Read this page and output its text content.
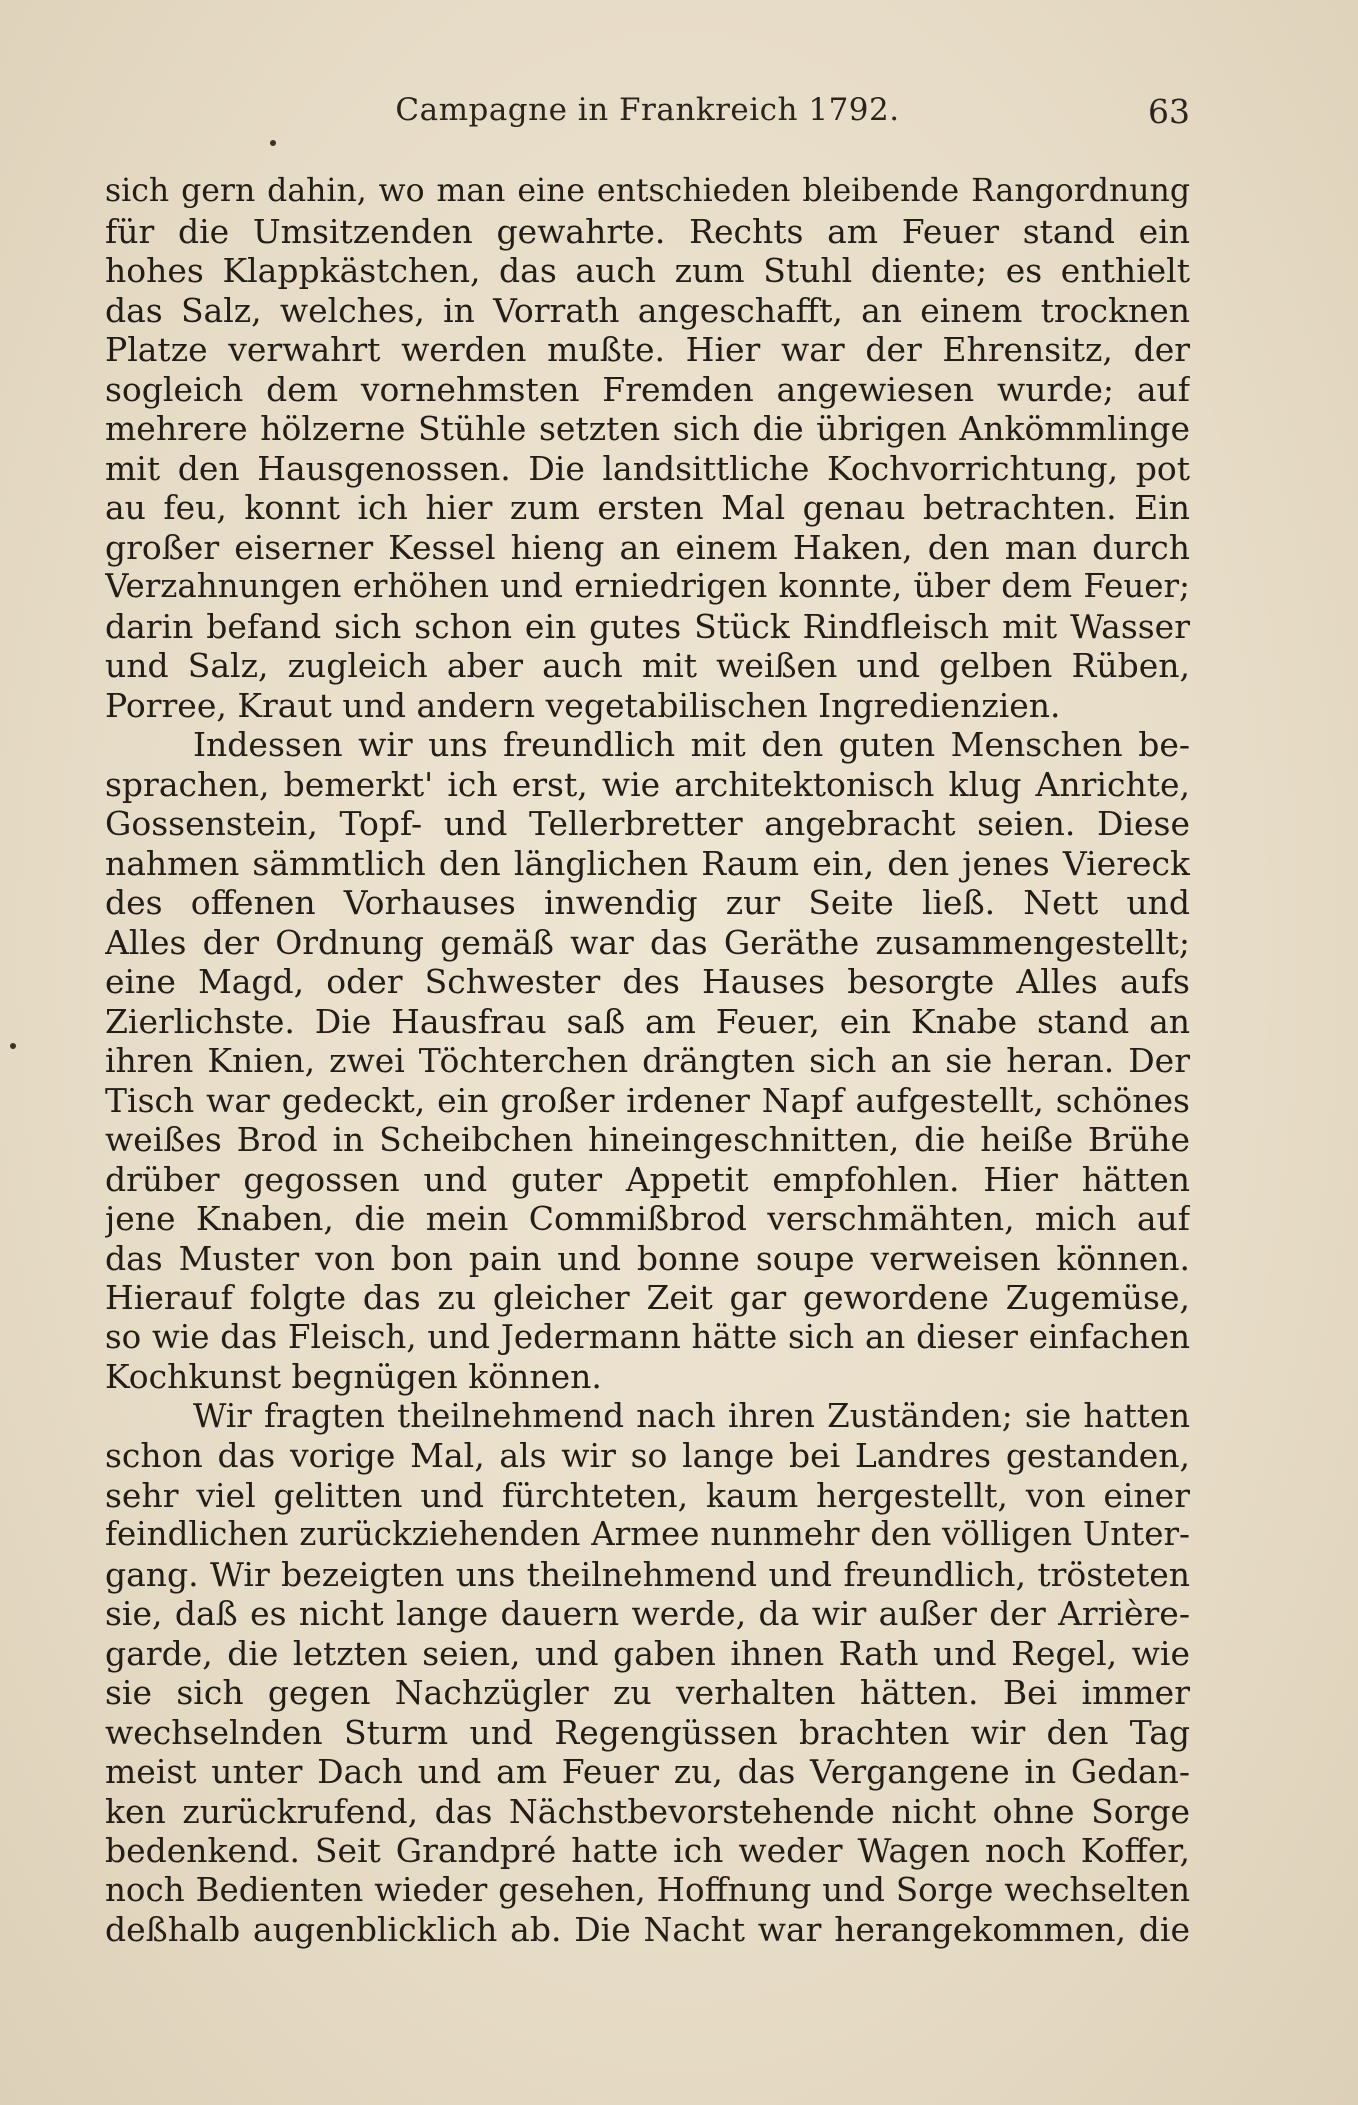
Campagne in Frankreich 1792.	63
sich gern dahin, wo man eine entschieden bleibende Rangordnung
für die Umsitzenden gewahrte. Rechts am Feuer stand ein
hohes Klappkästchen, das auch zum Stuhl diente; es enthielt
das Salz, welches, in Vorrath angeschafft, an einem trocknen
Platze verwahrt werden mußte. Hier war der Ehrensitz, der
sogleich dem vornehmsten Fremden angewiesen wurde; auf
mehrere hölzerne Stühle setzten sich die übrigen Ankömmlinge
mit den Hausgenossen. Die landsittliche Kochvorrichtung, pot
au feu, konnt ich hier zum ersten Mal genau betrachten. Ein
großer eiserner Kessel hieng an einem Haken, den man durch
Verzahnungen erhöhen und erniedrigen konnte, über dem Feuer;
darin befand sich schon ein gutes Stück Rindfleisch mit Wasser
und Salz, zugleich aber auch mit weißen und gelben Rüben,
Porree, Kraut und andern vegetabilischen Ingredienzien.
Indessen wir uns freundlich mit den guten Menschen be-
sprachen, bemerkt' ich erst, wie architektonisch klug Anrichte,
Gossenstein, Topf- und Tellerbretter angebracht seien. Diese
nahmen sämmtlich den länglichen Raum ein, den jenes Viereck
des offenen Vorhauses inwendig zur Seite ließ. Nett und
Alles der Ordnung gemäß war das Geräthe zusammengestellt;
eine Magd, oder Schwester des Hauses besorgte Alles aufs
Zierlichste. Die Hausfrau saß am Feuer, ein Knabe stand an
ihren Knien, zwei Töchterchen drängten sich an sie heran. Der
Tisch war gedeckt, ein großer irdener Napf aufgestellt, schönes
weißes Brod in Scheibchen hineingeschnitten, die heiße Brühe
drüber gegossen und guter Appetit empfohlen. Hier hätten
jene Knaben, die mein Commißbrod verschmähten, mich auf
das Muster von bon pain und bonne soupe verweisen können.
Hierauf folgte das zu gleicher Zeit gar gewordene Zugemüse,
so wie das Fleisch, und Jedermann hätte sich an dieser einfachen
Kochkunst begnügen können.
Wir fragten theilnehmend nach ihren Zuständen; sie hatten
schon das vorige Mal, als wir so lange bei Landres gestanden,
sehr viel gelitten und fürchteten, kaum hergestellt, von einer
feindlichen zurückziehenden Armee nunmehr den völligen Unter-
gang. Wir bezeigten uns theilnehmend und freundlich, trösteten
sie, daß es nicht lange dauern werde, da wir außer der Arrière-
garde, die letzten seien, und gaben ihnen Rath und Regel, wie
sie sich gegen Nachzügler zu verhalten hätten. Bei immer
wechselnden Sturm und Regengüssen brachten wir den Tag
meist unter Dach und am Feuer zu, das Vergangene in Gedan-
ken zurückrufend, das Nächstbevorstehende nicht ohne Sorge
bedenkend. Seit Grandpré hatte ich weder Wagen noch Koffer,
noch Bedienten wieder gesehen, Hoffnung und Sorge wechselten
deßhalb augenblicklich ab. Die Nacht war herangekommen, die
